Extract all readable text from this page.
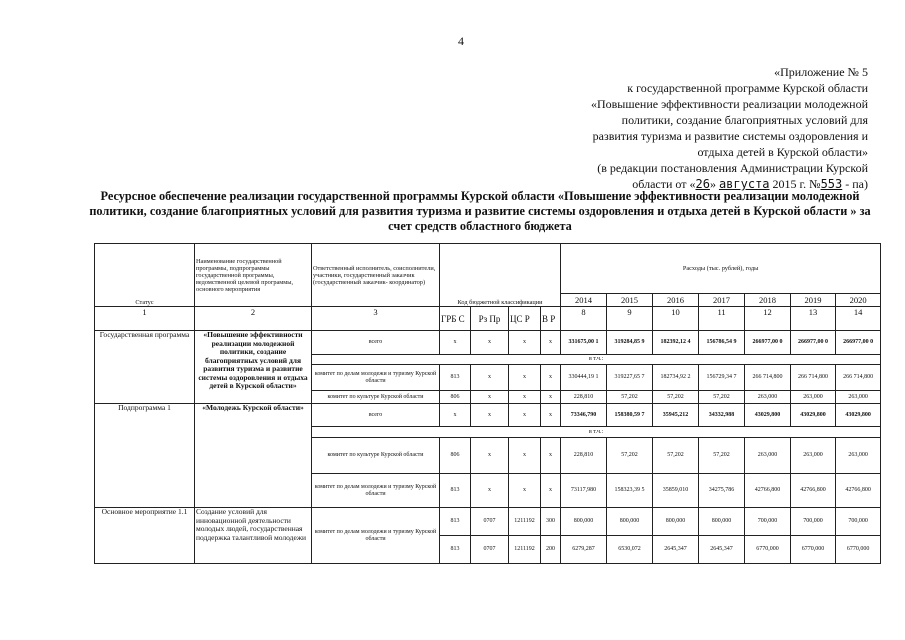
4
«Приложение № 5
к государственной программе Курской области
«Повышение эффективности реализации молодежной
политики, создание благоприятных условий для
развития туризма и развитие системы оздоровления и
отдыха детей в Курской области»
(в редакции постановления Администрации Курской
области от «26» августа 2015 г. №553 - па)
Ресурсное обеспечение реализации государственной программы Курской области «Повышение эффективности реализации молодежной политики, создание благоприятных условий для развития туризма и развитие системы оздоровления и отдыха детей в Курской области » за счет средств областного бюджета
Статус	Наименование государственной программы, подпрограммы государственной программы, ведомственной целевой программы, основного мероприятия	Ответственный исполнитель, соисполнители, участники, государственный заказчик (государственный заказчик- координатор)	Код бюджетной классификации				Расходы (тыс. рублей), годы						
							2014	2015	2016	2017	2018	2019	2020
1	2	3	ГРБ С	Рз Пр	ЦС Р	В Р	8	9	10	11	12	13	14
Государственная программа	«Повышение эффективности реализации молодежной политики, создание благоприятных условий для развития туризма и развитие системы оздоровления и отдыха детей в Курской области»	всего	x	x	x	x	331675,00 1	319284,85 9	182392,12 4	156786,54 9	266977,00 0	266977,00 0	266977,00 0
		в т.ч.:											
		комитет по делам молодежи и туризму Курской области	813	x	x	x	330444,19 1	319227,65 7	182734,92 2	156729,34 7	266 714,800	266 714,800	266 714,800
		комитет по культуре Курской области	806	x	x	x	228,810	57,202	57,202	57,202	263,000	263,000	263,000
Подпрограмма 1	«Молодежь Курской области»	всего	x	x	x	x	73346,790	158380,59 7	35945,212	34332,988	43029,800	43029,800	43029,800
		в т.ч.:											
		комитет по культуре Курской области	806	x	x	x	228,810	57,202	57,202	57,202	263,000	263,000	263,000
		комитет по делам молодежи и туризму Курской области	813	x	x	x	73117,980	158323,39 5	35859,010	34275,786	42766,800	42766,800	42766,800
Основное мероприятие 1.1	Создание условий для инновационной деятельности молодых людей, государственная поддержка талантливой молодежи	комитет по делам молодежи и туризму Курской области	813	0707	1211192	300	800,000	800,000	800,000	800,000	700,000	700,000	700,000
			813	0707	1211192	200	6279,287	6530,072	2645,347	2645,347	6770,000	6770,000	6770,000
